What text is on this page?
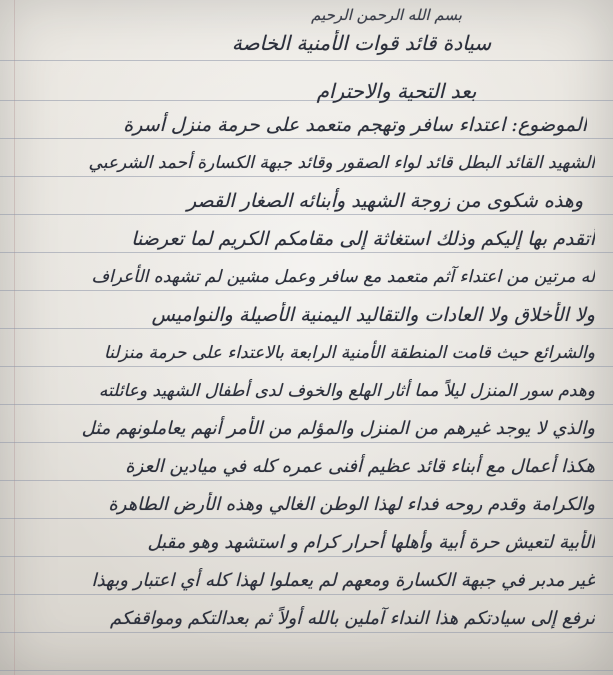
بسم الله الرحمن الرحيم
سيادة قائد قوات الأمنية الخاصة
بعد التحية والاحترام
الموضوع: اعتداء سافر وتهجم متعمد على حرمة منزل أسرة
الشهيد القائد البطل قائد لواء الصقور وقائد جبهة الكسارة أحمد الشرعبي
وهذه شكوى من زوجة الشهيد وأبنائه الصغار القصر
أتقدم بها إليكم وذلك استغاثة إلى مقامكم الكريم لما تعرضنا
له مرتين من اعتداء آثم متعمد مع سافر وعمل مشين لم تشهده الأعراف
ولا الأخلاق ولا العادات والتقاليد اليمنية الأصيلة والنواميس
والشرائع حيث قامت المنطقة الأمنية الرابعة بالاعتداء على حرمة منزلنا
وهدم سور المنزل ليلاً مما أثار الهلع والخوف لدى أطفال الشهيد وعائلته
والذي لا يوجد غيرهم من المنزل والمؤلم من الأمر أنهم يعاملونهم مثل
هكذا أعمال مع أبناء قائد عظيم أفنى عمره كله في ميادين العزة
والكرامة وقدم روحه فداء لهذا الوطن الغالي وهذه الأرض الطاهرة
الأبية لتعيش حرة أبية وأهلها أحرار كرام و استشهد وهو مقبل
غير مدبر في جبهة الكسارة ومعهم لم يعملوا لهذا كله أي اعتبار وبهذا
نرفع إلى سيادتكم هذا النداء آملين بالله أولاً ثم بعدالتكم ومواقفكم
